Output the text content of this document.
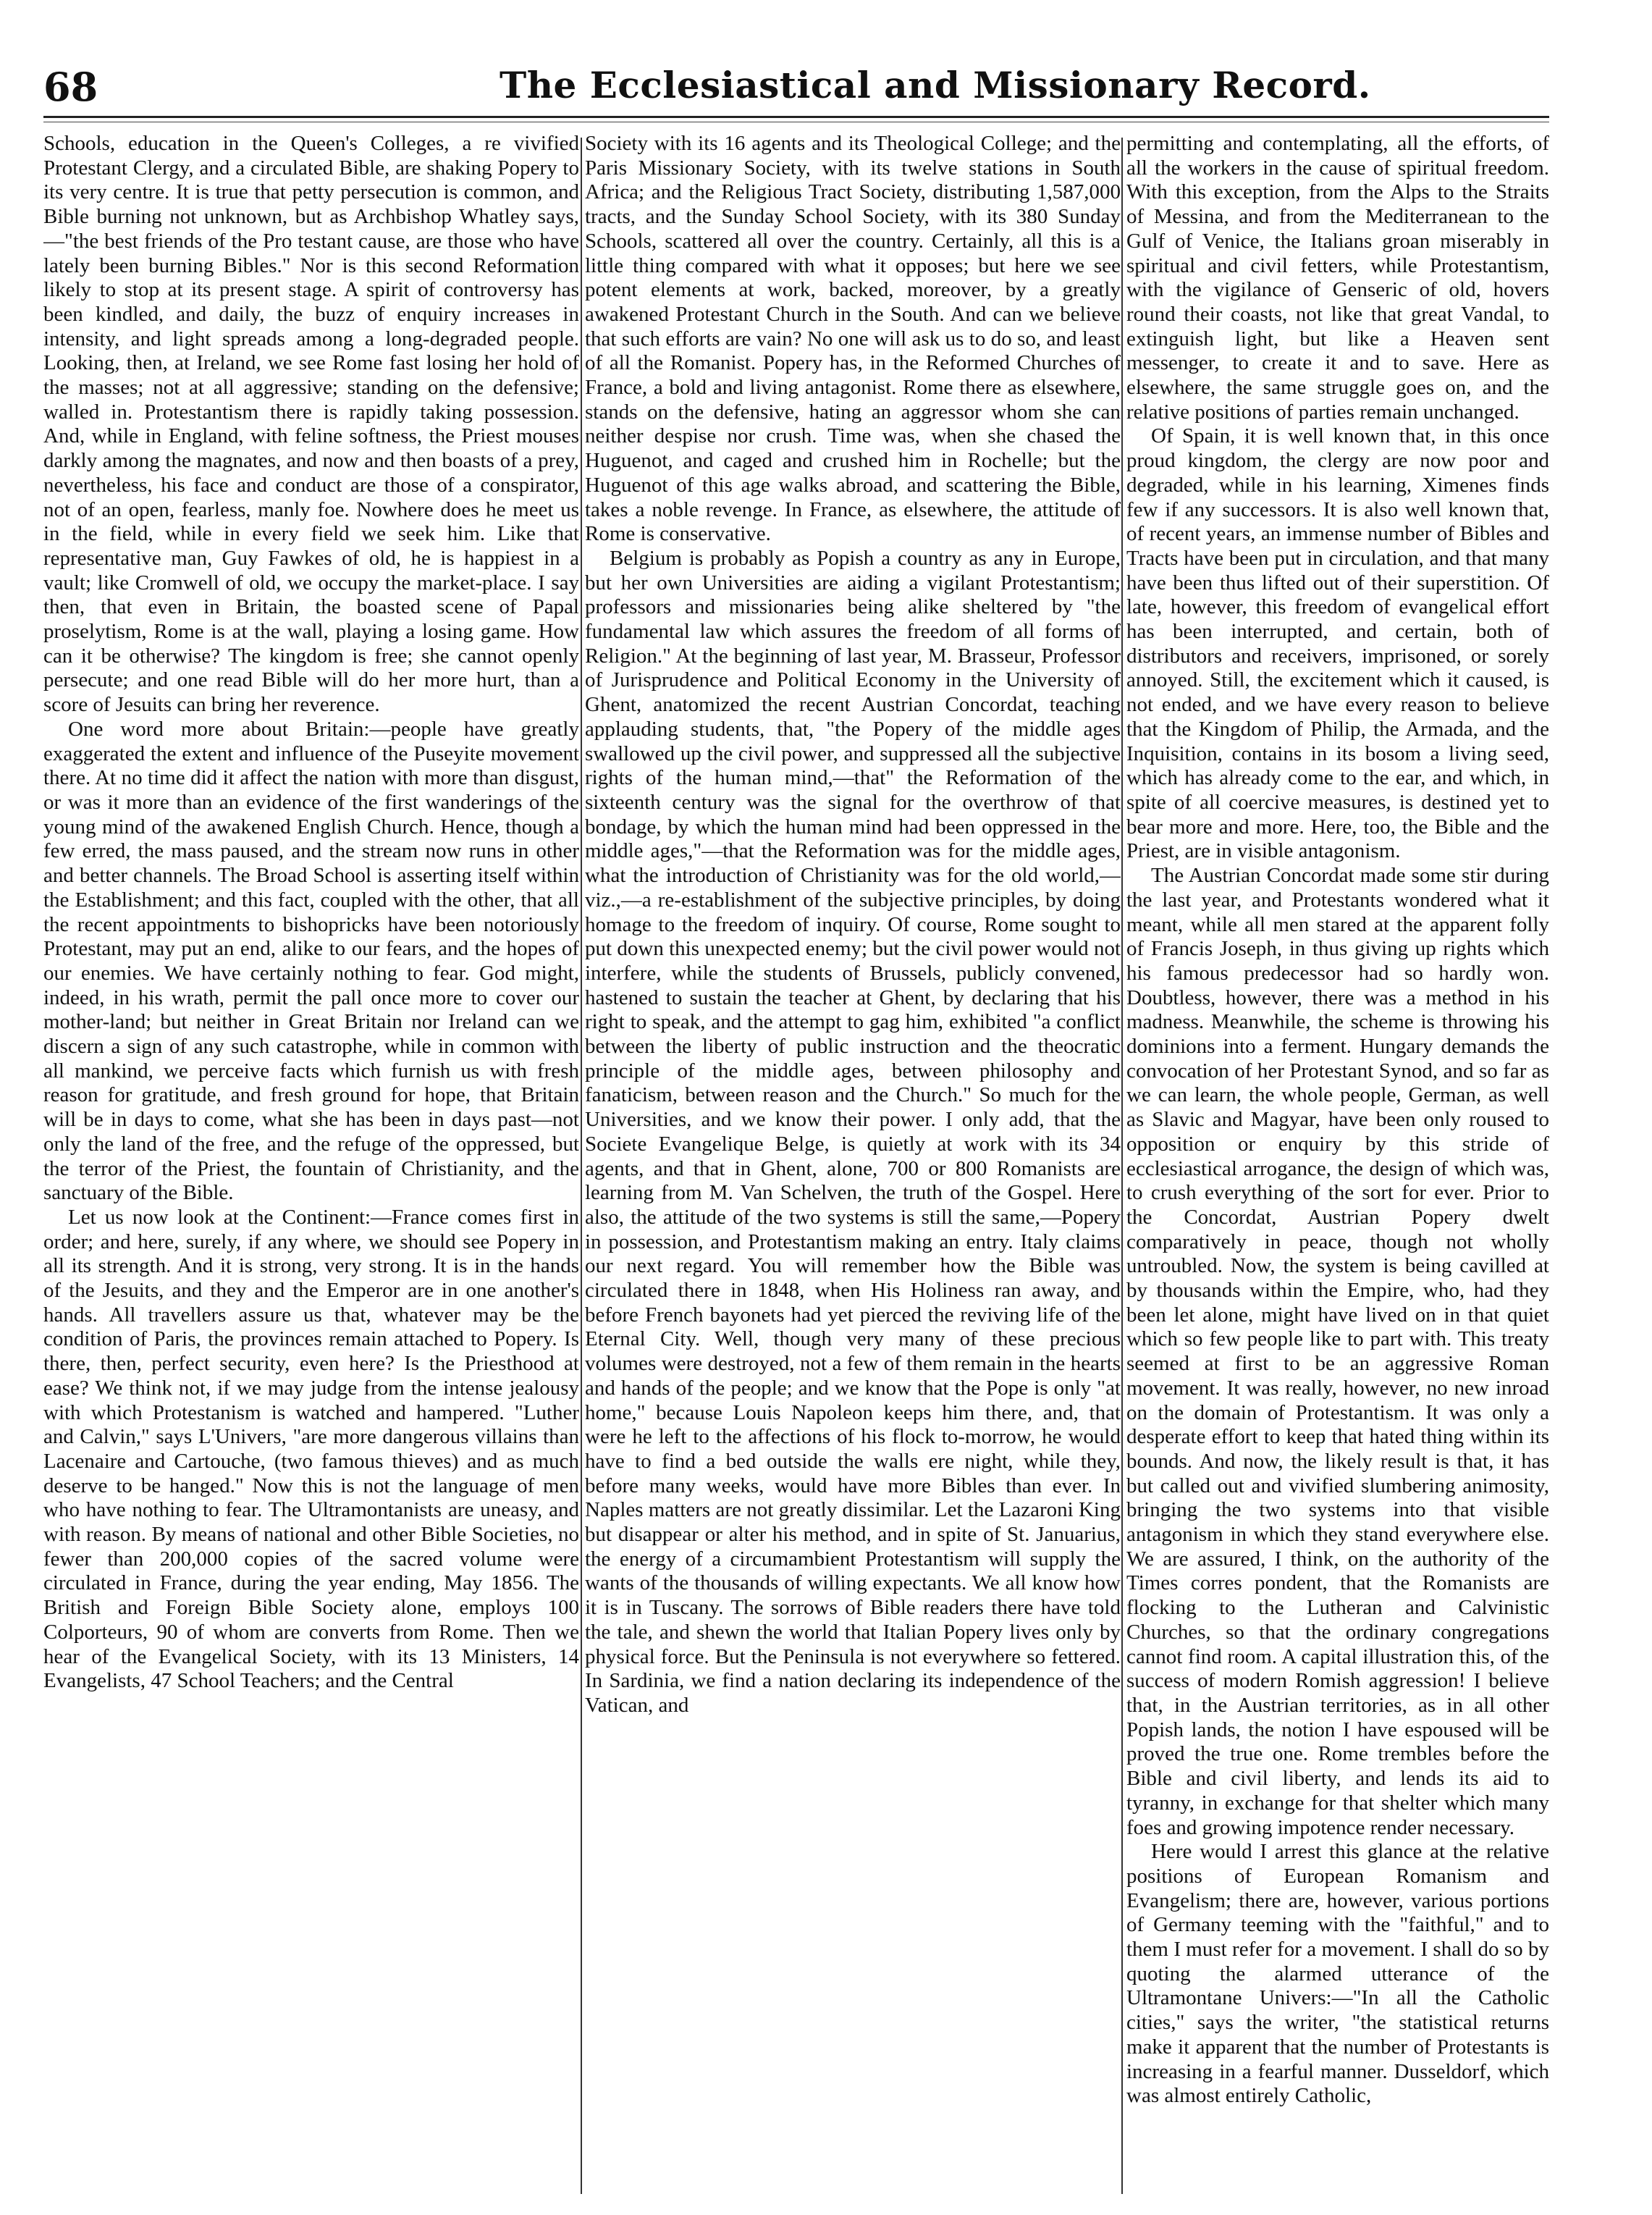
68	The Ecclesiastical and Missionary Record.

Schools, education in the Queen's Colleges, a re vivified Protestant Clergy, and a circulated Bible, are shaking Popery to its very centre. It is true that petty persecution is common, and Bible burning not unknown, but as Archbishop Whatley says,—"the best friends of the Pro testant cause, are those who have lately been burning Bibles." Nor is this second Reformation likely to stop at its present stage. A spirit of controversy has been kindled, and daily, the buzz of enquiry increases in intensity, and light spreads among a long-degraded people. Looking, then, at Ireland, we see Rome fast losing her hold of the masses; not at all aggressive; standing on the defensive; walled in. Protestantism there is rapidly taking possession. And, while in England, with feline softness, the Priest mouses darkly among the magnates, and now and then boasts of a prey, nevertheless, his face and conduct are those of a conspirator, not of an open, fearless, manly foe. Nowhere does he meet us in the field, while in every field we seek him. Like that representative man, Guy Fawkes of old, he is happiest in a vault; like Cromwell of old, we occupy the market-place. I say then, that even in Britain, the boasted scene of Papal proselytism, Rome is at the wall, playing a losing game. How can it be otherwise? The kingdom is free; she cannot openly persecute; and one read Bible will do her more hurt, than a score of Jesuits can bring her reverence.

One word more about Britain:—people have greatly exaggerated the extent and influence of the Puseyite movement there. At no time did it affect the nation with more than disgust, or was it more than an evidence of the first wanderings of the young mind of the awakened English Church. Hence, though a few erred, the mass paused, and the stream now runs in other and better channels. The Broad School is asserting itself within the Establishment; and this fact, coupled with the other, that all the recent appointments to bishopricks have been notoriously Protestant, may put an end, alike to our fears, and the hopes of our enemies. We have certainly nothing to fear. God might, indeed, in his wrath, permit the pall once more to cover our mother-land; but neither in Great Britain nor Ireland can we discern a sign of any such catastrophe, while in common with all mankind, we perceive facts which furnish us with fresh reason for gratitude, and fresh ground for hope, that Britain will be in days to come, what she has been in days past—not only the land of the free, and the refuge of the oppressed, but the terror of the Priest, the fountain of Christianity, and the sanctuary of the Bible.

Let us now look at the Continent:—France comes first in order; and here, surely, if any where, we should see Popery in all its strength. And it is strong, very strong. It is in the hands of the Jesuits, and they and the Emperor are in one another's hands. All travellers assure us that, whatever may be the condition of Paris, the provinces remain attached to Popery. Is there, then, perfect security, even here? Is the Priesthood at ease? We think not, if we may judge from the intense jealousy with which Protestanism is watched and hampered. "Luther and Calvin," says L'Univers, "are more dangerous villains than Lacenaire and Cartouche, (two famous thieves) and as much deserve to be hanged." Now this is not the language of men who have nothing to fear. The Ultramontanists are uneasy, and with reason. By means of national and other Bible Societies, no fewer than 200,000 copies of the sacred volume were circulated in France, during the year ending, May 1856. The British and Foreign Bible Society alone, employs 100 Colporteurs, 90 of whom are converts from Rome. Then we hear of the Evangelical Society, with its 13 Ministers, 14 Evangelists, 47 School Teachers; and the Central

Society with its 16 agents and its Theological College; and the Paris Missionary Society, with its twelve stations in South Africa; and the Religious Tract Society, distributing 1,587,000 tracts, and the Sunday School Society, with its 380 Sunday Schools, scattered all over the country. Certainly, all this is a little thing compared with what it opposes; but here we see potent elements at work, backed, moreover, by a greatly awakened Protestant Church in the South. And can we believe that such efforts are vain? No one will ask us to do so, and least of all the Romanist. Popery has, in the Reformed Churches of France, a bold and living antagonist. Rome there as elsewhere, stands on the defensive, hating an aggressor whom she can neither despise nor crush. Time was, when she chased the Huguenot, and caged and crushed him in Rochelle; but the Huguenot of this age walks abroad, and scattering the Bible, takes a noble revenge. In France, as elsewhere, the attitude of Rome is conservative.

Belgium is probably as Popish a country as any in Europe, but her own Universities are aiding a vigilant Protestantism; professors and missionaries being alike sheltered by "the fundamental law which assures the freedom of all forms of Religion." At the beginning of last year, M. Brasseur, Professor of Jurisprudence and Political Economy in the University of Ghent, anatomized the recent Austrian Concordat, teaching applauding students, that, "the Popery of the middle ages swallowed up the civil power, and suppressed all the subjective rights of the human mind,—that" the Reformation of the sixteenth century was the signal for the overthrow of that bondage, by which the human mind had been oppressed in the middle ages,"—that the Reformation was for the middle ages, what the introduction of Christianity was for the old world,—viz.,—a re-establishment of the subjective principles, by doing homage to the freedom of inquiry. Of course, Rome sought to put down this unexpected enemy; but the civil power would not interfere, while the students of Brussels, publicly convened, hastened to sustain the teacher at Ghent, by declaring that his right to speak, and the attempt to gag him, exhibited "a conflict between the liberty of public instruction and the theocratic principle of the middle ages, between philosophy and fanaticism, between reason and the Church." So much for the Universities, and we know their power. I only add, that the Societe Evangelique Belge, is quietly at work with its 34 agents, and that in Ghent, alone, 700 or 800 Romanists are learning from M. Van Schelven, the truth of the Gospel. Here also, the attitude of the two systems is still the same,—Popery in possession, and Protestantism making an entry. Italy claims our next regard. You will remember how the Bible was circulated there in 1848, when His Holiness ran away, and before French bayonets had yet pierced the reviving life of the Eternal City. Well, though very many of these precious volumes were destroyed, not a few of them remain in the hearts and hands of the people; and we know that the Pope is only "at home," because Louis Napoleon keeps him there, and, that were he left to the affections of his flock to-morrow, he would have to find a bed outside the walls ere night, while they, before many weeks, would have more Bibles than ever. In Naples matters are not greatly dissimilar. Let the Lazaroni King but disappear or alter his method, and in spite of St. Januarius, the energy of a circumambient Protestantism will supply the wants of the thousands of willing expectants. We all know how it is in Tuscany. The sorrows of Bible readers there have told the tale, and shewn the world that Italian Popery lives only by physical force. But the Peninsula is not everywhere so fettered. In Sardinia, we find a nation declaring its independence of the Vatican, and

permitting and contemplating, all the efforts, of all the workers in the cause of spiritual freedom. With this exception, from the Alps to the Straits of Messina, and from the Mediterranean to the Gulf of Venice, the Italians groan miserably in spiritual and civil fetters, while Protestantism, with the vigilance of Genseric of old, hovers round their coasts, not like that great Vandal, to extinguish light, but like a Heaven sent messenger, to create it and to save. Here as elsewhere, the same struggle goes on, and the relative positions of parties remain unchanged.

Of Spain, it is well known that, in this once proud kingdom, the clergy are now poor and degraded, while in his learning, Ximenes finds few if any successors. It is also well known that, of recent years, an immense number of Bibles and Tracts have been put in circulation, and that many have been thus lifted out of their superstition. Of late, however, this freedom of evangelical effort has been interrupted, and certain, both of distributors and receivers, imprisoned, or sorely annoyed. Still, the excitement which it caused, is not ended, and we have every reason to believe that the Kingdom of Philip, the Armada, and the Inquisition, contains in its bosom a living seed, which has already come to the ear, and which, in spite of all coercive measures, is destined yet to bear more and more. Here, too, the Bible and the Priest, are in visible antagonism.

The Austrian Concordat made some stir during the last year, and Protestants wondered what it meant, while all men stared at the apparent folly of Francis Joseph, in thus giving up rights which his famous predecessor had so hardly won. Doubtless, however, there was a method in his madness. Meanwhile, the scheme is throwing his dominions into a ferment. Hungary demands the convocation of her Protestant Synod, and so far as we can learn, the whole people, German, as well as Slavic and Magyar, have been only roused to opposition or enquiry by this stride of ecclesiastical arrogance, the design of which was, to crush everything of the sort for ever. Prior to the Concordat, Austrian Popery dwelt comparatively in peace, though not wholly untroubled. Now, the system is being cavilled at by thousands within the Empire, who, had they been let alone, might have lived on in that quiet which so few people like to part with. This treaty seemed at first to be an aggressive Roman movement. It was really, however, no new inroad on the domain of Protestantism. It was only a desperate effort to keep that hated thing within its bounds. And now, the likely result is that, it has but called out and vivified slumbering animosity, bringing the two systems into that visible antagonism in which they stand everywhere else. We are assured, I think, on the authority of the Times corres pondent, that the Romanists are flocking to the Lutheran and Calvinistic Churches, so that the ordinary congregations cannot find room. A capital illustration this, of the success of modern Romish aggression! I believe that, in the Austrian territories, as in all other Popish lands, the notion I have espoused will be proved the true one. Rome trembles before the Bible and civil liberty, and lends its aid to tyranny, in exchange for that shelter which many foes and growing impotence render necessary.

Here would I arrest this glance at the relative positions of European Romanism and Evangelism; there are, however, various portions of Germany teeming with the "faithful," and to them I must refer for a movement. I shall do so by quoting the alarmed utterance of the Ultramontane Univers:—"In all the Catholic cities," says the writer, "the statistical returns make it apparent that the number of Protestants is increasing in a fearful manner. Dusseldorf, which was almost entirely Catholic,
